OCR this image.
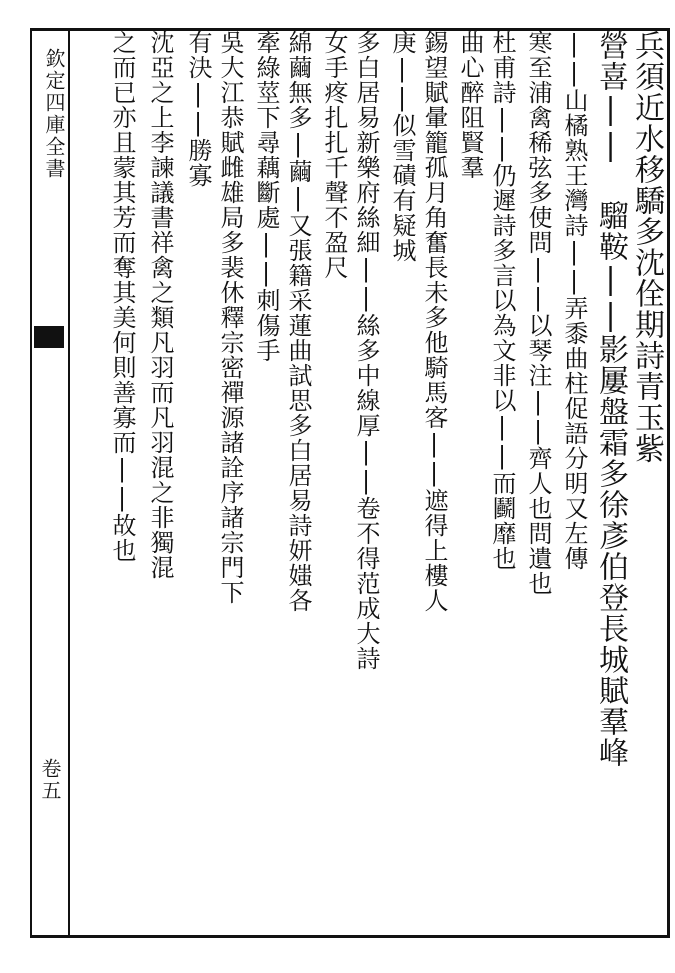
欽定四庫全書
卷五
兵須近水移驕多沈佺期詩青玉紫
營喜|| 騮鞍||影屢盤霜多徐彥伯登長城賦羣峰
||山橘熟王灣詩||弄黍曲柱促語分明又左傳
寒至浦禽稀弦多使問||以琴注||齊人也問遺也
杜甫詩||仍遲詩多言以為文非以||而鬬靡也
曲心醉阻賢羣
錫望賦暈籠孤月角奮長未多他騎馬客||遮得上樓人
庚||似雪磧有疑城
多白居易新樂府絲細||絲多中線厚||卷不得范成大詩
女手疼扎扎千聲不盈尺
綿繭無多|繭|又張籍采蓮曲試思多白居易詩妍媸各
牽綠莖下尋藕斷處||刺傷手
吳大江恭賦雌雄局多裴休釋宗密禪源諸詮序諸宗門下
有決||勝寡
沈亞之上李諫議書祥禽之類凡羽而凡羽混之非獨混
之而已亦且蒙其芳而奪其美何則善寡而||故也
